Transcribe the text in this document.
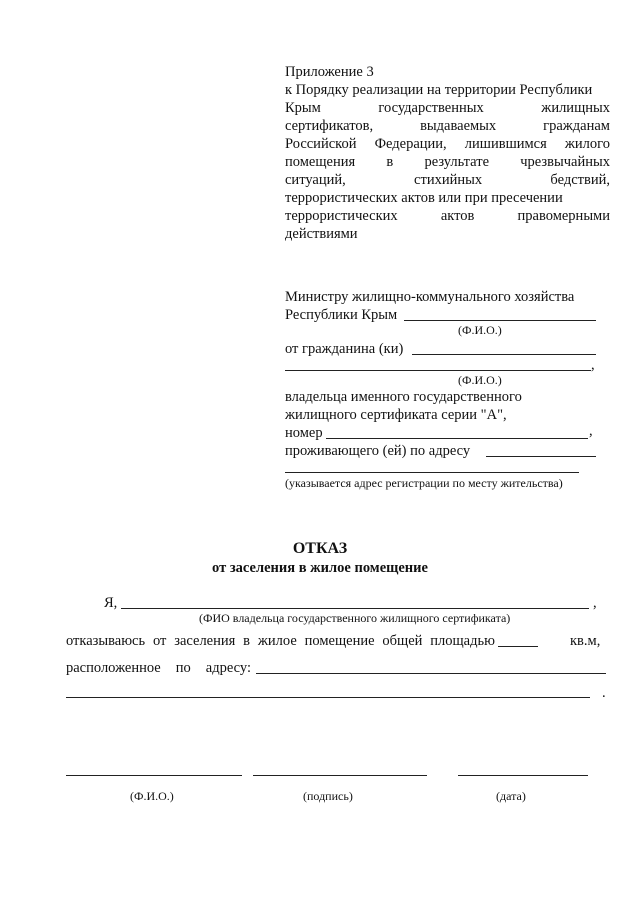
Приложение 3
к Порядку реализации на территории Республики
Крым	государственных	жилищных
сертификатов,	выдаваемых	гражданам
Российской Федерации, лишившимся жилого
помещения в результате чрезвычайных
ситуаций,	стихийных	бедствий,
террористических актов или при пресечении
террористических	актов	правомерными
действиями
Министру жилищно-коммунального хозяйства
Республики Крым
(Ф.И.О.)
от гражданина (ки)
,
(Ф.И.О.)
владельца именного государственного
жилищного сертификата серии "А",
номер	,
проживающего (ей) по адресу
(указывается адрес регистрации по месту жительства)
ОТКАЗ
от заселения в жилое помещение
Я,	,
(ФИО владельца государственного жилищного сертификата)
отказываюсь от заселения в жилое помещение общей площадью	кв.м,
расположенное по адресу:
.
(Ф.И.О.)	(подпись)	(дата)
